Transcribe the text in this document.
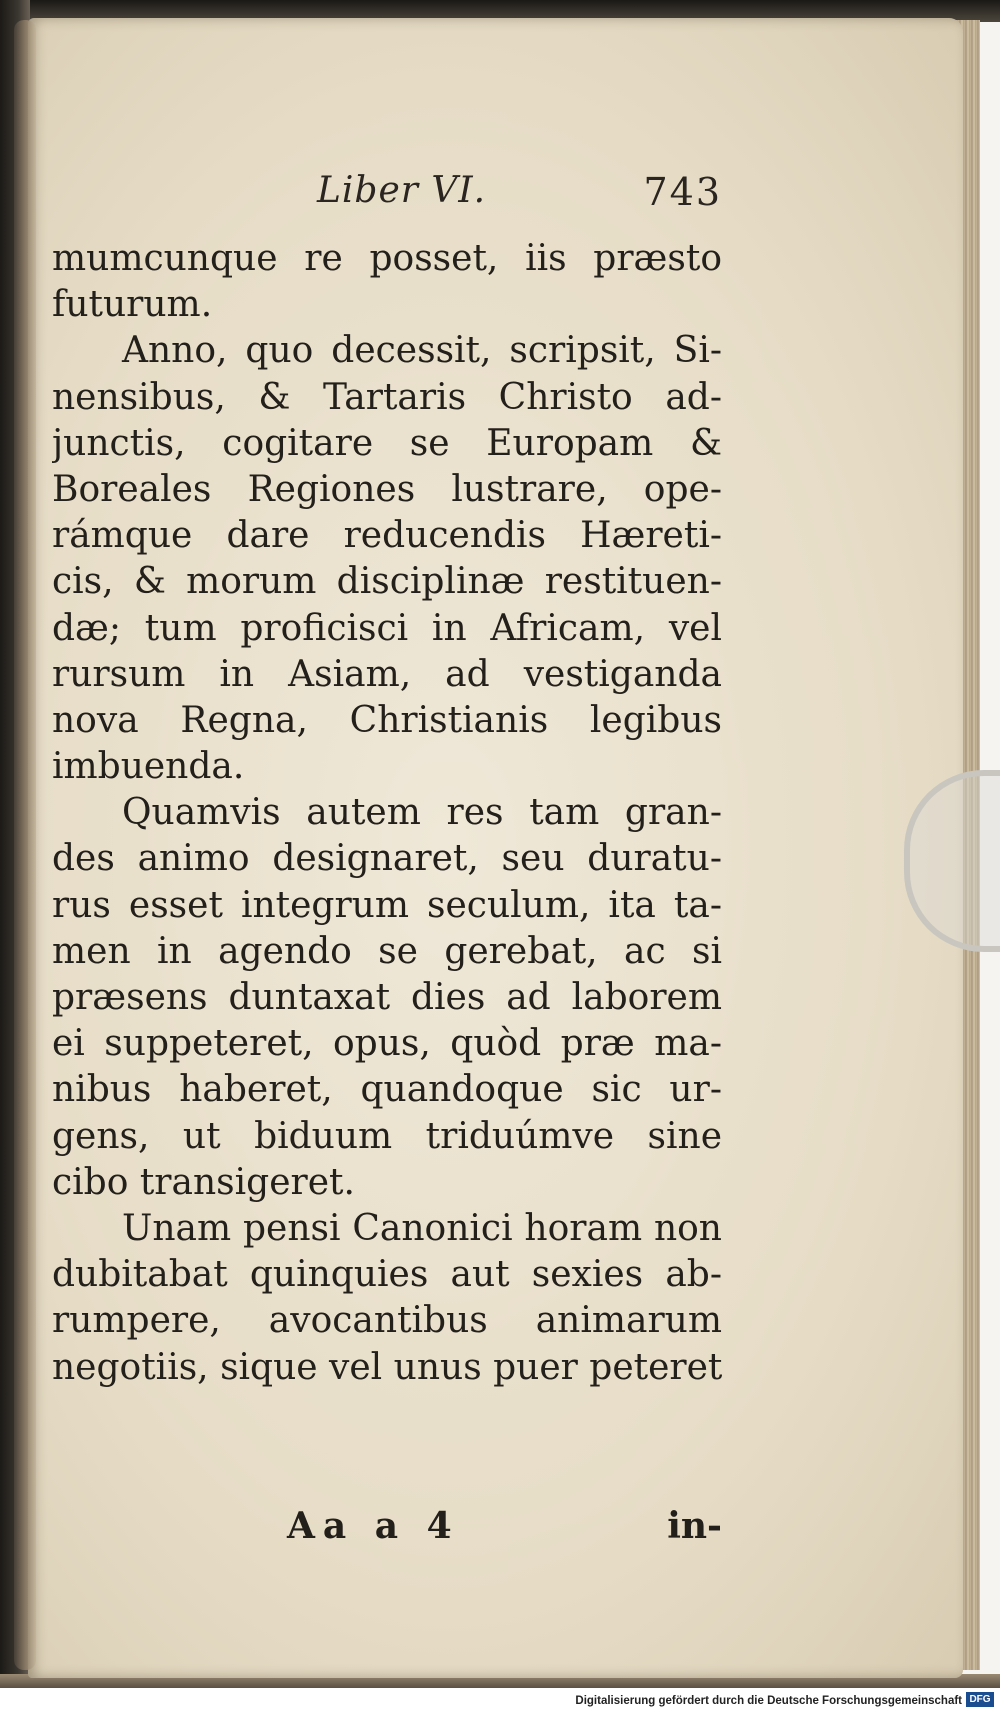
Liber VI.	743
mumcunque re posset, iis præsto
futurum.
Anno, quo decessit, scripsit, Si-
nensibus, & Tartaris Christo ad-
junctis, cogitare se Europam &
Boreales Regiones lustrare, ope-
rámque dare reducendis Hæreti-
cis, & morum disciplinæ restituen-
dæ; tum proficisci in Africam, vel
rursum in Asiam, ad vestiganda
nova Regna, Christianis legibus
imbuenda.
Quamvis autem res tam gran-
des animo designaret, seu duratu-
rus esset integrum seculum, ita ta-
men in agendo se gerebat, ac si
præsens duntaxat dies ad laborem
ei suppeteret, opus, quòd præ ma-
nibus haberet, quandoque sic ur-
gens, ut biduum triduúmve sine
cibo transigeret.
Unam pensi Canonici horam non
dubitabat quinquies aut sexies ab-
rumpere, avocantibus animarum
negotiis, sique vel unus puer peteret
Aa a 4	in-
Digitalisierung gefördert durch die Deutsche Forschungsgemeinschaft DFG
